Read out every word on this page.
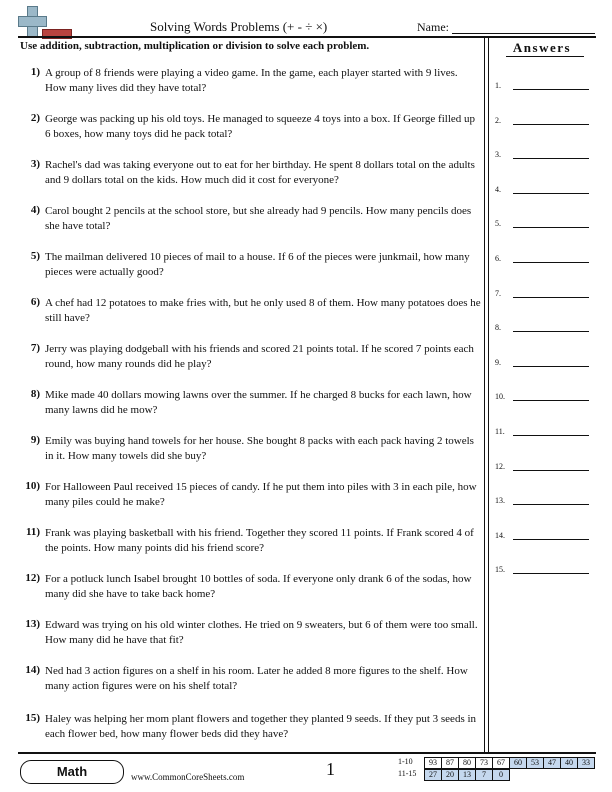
Solving Words Problems (+ - ÷ ×)	Name:
Use addition, subtraction, multiplication or division to solve each problem.
1) A group of 8 friends were playing a video game. In the game, each player started with 9 lives. How many lives did they have total?
2) George was packing up his old toys. He managed to squeeze 4 toys into a box. If George filled up 6 boxes, how many toys did he pack total?
3) Rachel's dad was taking everyone out to eat for her birthday. He spent 8 dollars total on the adults and 9 dollars total on the kids. How much did it cost for everyone?
4) Carol bought 2 pencils at the school store, but she already had 9 pencils. How many pencils does she have total?
5) The mailman delivered 10 pieces of mail to a house. If 6 of the pieces were junkmail, how many pieces were actually good?
6) A chef had 12 potatoes to make fries with, but he only used 8 of them. How many potatoes does he still have?
7) Jerry was playing dodgeball with his friends and scored 21 points total. If he scored 7 points each round, how many rounds did he play?
8) Mike made 40 dollars mowing lawns over the summer. If he charged 8 bucks for each lawn, how many lawns did he mow?
9) Emily was buying hand towels for her house. She bought 8 packs with each pack having 2 towels in it. How many towels did she buy?
10) For Halloween Paul received 15 pieces of candy. If he put them into piles with 3 in each pile, how many piles could he make?
11) Frank was playing basketball with his friend. Together they scored 11 points. If Frank scored 4 of the points. How many points did his friend score?
12) For a potluck lunch Isabel brought 10 bottles of soda. If everyone only drank 6 of the sodas, how many did she have to take back home?
13) Edward was trying on his old winter clothes. He tried on 9 sweaters, but 6 of them were too small. How many did he have that fit?
14) Ned had 3 action figures on a shelf in his room. Later he added 8 more figures to the shelf. How many action figures were on his shelf total?
15) Haley was helping her mom plant flowers and together they planted 9 seeds. If they put 3 seeds in each flower bed, how many flower beds did they have?
Answers
1.
2.
3.
4.
5.
6.
7.
8.
9.
10.
11.
12.
13.
14.
15.
Math	www.CommonCoreSheets.com	1	1-10	93	87	80	73	67	60	53	47	40	33
11-15	27	20	13	7	0
